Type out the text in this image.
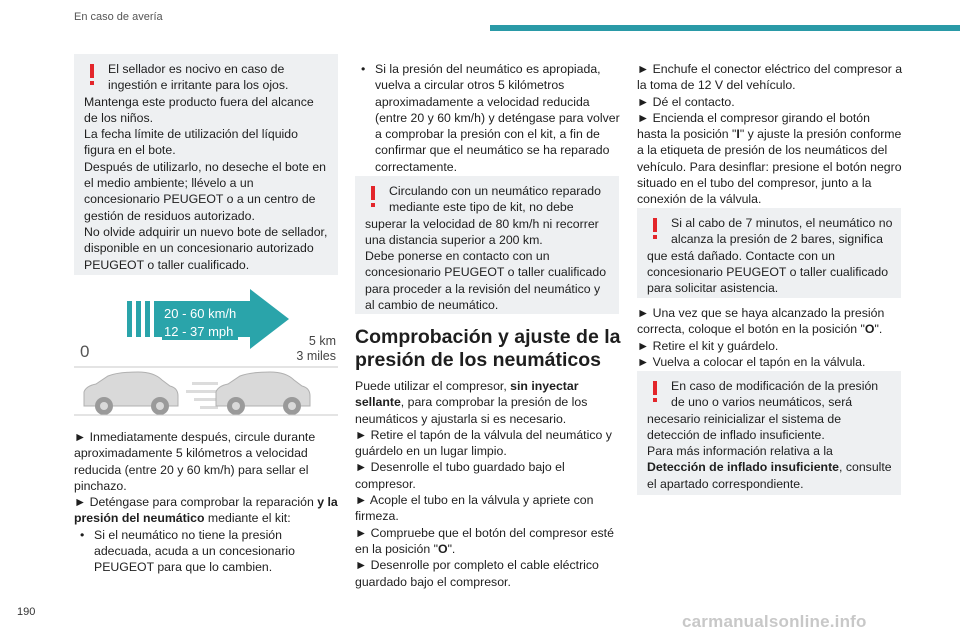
En caso de avería

El sellador es nocivo en caso de ingestión e irritante para los ojos.

Mantenga este producto fuera del alcance de los niños.

La fecha límite de utilización del líquido figura en el bote.

Después de utilizarlo, no deseche el bote en el medio ambiente; llévelo a un concesionario PEUGEOT o a un centro de gestión de residuos autorizado.

No olvide adquirir un nuevo bote de sellador, disponible en un concesionario autorizado PEUGEOT o taller cualificado.

20 - 60 km/h
12 - 37 mph
0
5 km
3 miles

► Inmediatamente después, circule durante aproximadamente 5 kilómetros a velocidad reducida (entre 20 y 60 km/h) para sellar el pinchazo.

► Deténgase para comprobar la reparación y la presión del neumático mediante el kit:

• Si el neumático no tiene la presión adecuada, acuda a un concesionario PEUGEOT para que lo cambien.

• Si la presión del neumático es apropiada, vuelva a circular otros 5 kilómetros aproximadamente a velocidad reducida (entre 20 y 60 km/h) y deténgase para volver a comprobar la presión con el kit, a fin de confirmar que el neumático se ha reparado correctamente.

Circulando con un neumático reparado mediante este tipo de kit, no debe superar la velocidad de 80 km/h ni recorrer una distancia superior a 200 km.

Debe ponerse en contacto con un concesionario PEUGEOT o taller cualificado para proceder a la revisión del neumático y al cambio de neumático.

Comprobación y ajuste de la presión de los neumáticos

Puede utilizar el compresor, sin inyectar sellante, para comprobar la presión de los neumáticos y ajustarla si es necesario.

► Retire el tapón de la válvula del neumático y guárdelo en un lugar limpio.

► Desenrolle el tubo guardado bajo el compresor.

► Acople el tubo en la válvula y apriete con firmeza.

► Compruebe que el botón del compresor esté en la posición "O".

► Desenrolle por completo el cable eléctrico guardado bajo el compresor.

► Enchufe el conector eléctrico del compresor a la toma de 12 V del vehículo.

► Dé el contacto.

► Encienda el compresor girando el botón hasta la posición "I" y ajuste la presión conforme a la etiqueta de presión de los neumáticos del vehículo. Para desinflar: presione el botón negro situado en el tubo del compresor, junto a la conexión de la válvula.

Si al cabo de 7 minutos, el neumático no alcanza la presión de 2 bares, significa que está dañado. Contacte con un concesionario PEUGEOT o taller cualificado para solicitar asistencia.

► Una vez que se haya alcanzado la presión correcta, coloque el botón en la posición "O".

► Retire el kit y guárdelo.

► Vuelva a colocar el tapón en la válvula.

En caso de modificación de la presión de uno o varios neumáticos, será necesario reinicializar el sistema de detección de inflado insuficiente.

Para más información relativa a la Detección de inflado insuficiente, consulte el apartado correspondiente.

190	carmanualsonline.info
